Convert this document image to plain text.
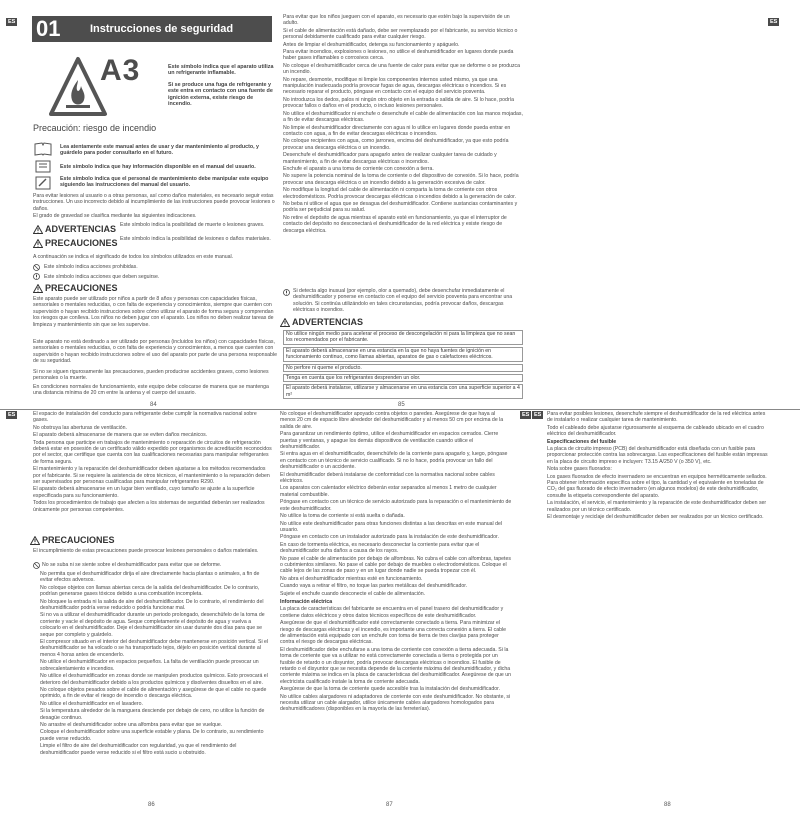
ES	ES
01	Instrucciones de seguridad
A3	Este símbolo indica que el aparato utiliza un refrigerante inflamable.
Si se produce una fuga de refrigerante y este entra en contacto con una fuente de ignición externa, existe riesgo de incendio.
Precaución: riesgo de incendio
Lea atentamente este manual antes de usar y dar mantenimiento al producto, y guárdelo para poder consultarlo en el futuro.
Este símbolo indica que hay información disponible en el manual del usuario.
Este símbolo indica que el personal de mantenimiento debe manipular este equipo siguiendo las instrucciones del manual del usuario.
Para evitar lesiones al usuario o a otras personas, así como daños materiales, es necesario seguir estas instrucciones. Un uso incorrecto debido al incumplimiento de las instrucciones puede provocar lesiones o daños.
El grado de gravedad se clasifica mediante las siguientes indicaciones.
ADVERTENCIAS Este símbolo indica la posibilidad de muerte o lesiones graves.
PRECAUCIONES Este símbolo indica la posibilidad de lesiones o daños materiales.
A continuación se indica el significado de todos los símbolos utilizados en este manual.
Este símbolo indica acciones prohibidas.
Este símbolo indica acciones que deben seguirse.
PRECAUCIONES
Este aparato puede ser utilizado por niños a partir de 8 años y personas con capacidades físicas, sensoriales o mentales reducidas, o con falta de experiencia y conocimientos, siempre que cuenten con supervisión o hayan recibido instrucciones sobre cómo utilizar el aparato de forma segura y comprendan los riesgos que conlleva. Los niños no deben jugar con el aparato. Los niños no deben realizar tareas de limpieza y mantenimiento sin que se les supervise.
Este aparato no está destinado a ser utilizado por personas (incluidos los niños) con capacidades físicas, sensoriales o mentales reducidas, o con falta de experiencia y conocimientos, a menos que cuenten con supervisión o hayan recibido instrucciones sobre el uso del aparato por parte de una persona responsable de su seguridad.
Si no se siguen rigurosamente las precauciones, pueden producirse accidentes graves, como lesiones personales o la muerte.
En condiciones normales de funcionamiento, este equipo debe colocarse de manera que se mantenga una distancia mínima de 20 cm entre la antena y el cuerpo del usuario.
84
Para evitar que los niños jueguen con el aparato, es necesario que estén bajo la supervisión de un adulto.
Si el cable de alimentación está dañado, debe ser reemplazado por el fabricante, su servicio técnico o personal debidamente cualificado para evitar cualquier riesgo.
Antes de limpiar el deshumidificador, detenga su funcionamiento y apáguelo.
Para evitar incendios, explosiones o lesiones, no utilice el deshumidificador en lugares donde pueda haber gases inflamables o corrosivos cerca.
No coloque el deshumidificador cerca de una fuente de calor para evitar que se deforme o se produzca un incendio.
No repare, desmonte, modifique ni limpie los componentes internos usted mismo, ya que una manipulación inadecuada podría provocar fugas de agua, descargas eléctricas o incendios. Si es necesario reparar el producto, póngase en contacto con el equipo del servicio posventa.
No introduzca los dedos, palos ni ningún otro objeto en la entrada o salida de aire. Si lo hace, podría provocar fallos o daños en el producto, o incluso lesiones personales.
No utilice el deshumidificador ni enchufe o desenchufe el cable de alimentación con las manos mojadas, a fin de evitar descargas eléctricas.
No limpie el deshumidificador directamente con agua ni lo utilice en lugares donde pueda entrar en contacto con agua, a fin de evitar descargas eléctricas o incendios.
No coloque recipientes con agua, como jarrones, encima del deshumidificador, ya que esto podría provocar una descarga eléctrica o un incendio.
Desenchufe el deshumidificador para apagarlo antes de realizar cualquier tarea de cuidado y mantenimiento, a fin de evitar descargas eléctricas o incendios.
Enchufe el aparato a una toma de corriente con conexión a tierra.
No supere la potencia nominal de la toma de corriente o del dispositivo de conexión. Si lo hace, podría provocar una descarga eléctrica o un incendio debido a la generación excesiva de calor.
No modifique la longitud del cable de alimentación ni comparta la toma de corriente con otros electrodomésticos. Podría provocar descargas eléctricas o incendios debido a la generación de calor.
No beba ni utilice el agua que se desagua del deshumidificador. Contiene sustancias contaminantes y podría ser perjudicial para su salud.
No retire el depósito de agua mientras el aparato esté en funcionamiento, ya que el interruptor de contacto del depósito no desconectará el deshumidificador de la red eléctrica y existe riesgo de descarga eléctrica.
Si detecta algo inusual (por ejemplo, olor a quemado), debe desenchufar inmediatamente el deshumidificador y ponerse en contacto con el equipo del servicio posventa para encontrar una solución. Si continúa utilizándolo en tales circunstancias, podría provocar daños, descargas eléctricas o incendios.
ADVERTENCIAS
No utilice ningún medio para acelerar el proceso de descongelación ni para la limpieza que no sean los recomendados por el fabricante.
El aparato deberá almacenarse en una estancia en la que no haya fuentes de ignición en funcionamiento continuo, como llamas abiertas, aparatos de gas o calefactores eléctricos.
No perfore ni queme el producto.
Tenga en cuenta que los refrigerantes desprenden un olor.
El aparato deberá instalarse, utilizarse y almacenarse en una estancia con una superficie superior a 4 m²
85
ES	ES ES
El espacio de instalación del conducto para refrigerante debe cumplir la normativa nacional sobre gases.
No obstruya las aberturas de ventilación.
El aparato deberá almacenarse de manera que se eviten daños mecánicos.
Toda persona que participe en trabajos de mantenimiento o reparación de circuitos de refrigeración deberá estar en posesión de un certificado válido expedido por organismos de acreditación reconocidos por el sector, que certifique que cuenta con las cualificaciones necesarias para manipular refrigerantes de forma segura.
El mantenimiento y la reparación del deshumidificador deben ajustarse a los métodos recomendados por el fabricante. Si se requiere la asistencia de otros técnicos, el mantenimiento o la reparación deben ser supervisados por personas cualificadas para manipular refrigerantes R290.
El aparato deberá almacenarse en un lugar bien ventilado, cuyo tamaño se ajuste a la superficie especificada para su funcionamiento.
Todos los procedimientos de trabajo que afecten a los sistemas de seguridad deberán ser realizados únicamente por personas competentes.
PRECAUCIONES
El incumplimiento de estas precauciones puede provocar lesiones personales o daños materiales.
No se suba ni se siente sobre el deshumidificador para evitar que se deforme.
No permita que el deshumidificador dirija el aire directamente hacia plantas o animales, a fin de evitar efectos adversos.
No coloque objetos con llamas abiertas cerca de la salida del deshumidificador. De lo contrario, podrían generarse gases tóxicos debido a una combustión incompleta.
No bloquee la entrada ni la salida de aire del deshumidificador. De lo contrario, el rendimiento del deshumidificador podría verse reducido o podría funcionar mal.
Si no va a utilizar el deshumidificador durante un periodo prolongado, desenchúfelo de la toma de corriente y vacíe el depósito de agua. Seque completamente el depósito de agua y vuelva a colocarlo en el deshumidificador. Deje el deshumidificador sin usar durante dos días para que se seque por completo y guárdelo.
El compresor situado en el interior del deshumidificador debe mantenerse en posición vertical. Si el deshumidificador se ha volcado o se ha transportado tejos, déjelo en posición vertical durante al menos 4 horas antes de encenderlo.
No utilice el deshumidificador en espacios pequeños. La falta de ventilación puede provocar un sobrecalentamiento e incendios.
No utilice el deshumidificador en zonas donde se manipulen productos químicos. Esto provocará el deterioro del deshumidificador debido a los productos químicos y disolventes disueltos en el aire.
No coloque objetos pesados sobre el cable de alimentación y asegúrese de que el cable no quede oprimido, a fin de evitar el riesgo de incendio o descarga eléctrica.
No utilice el deshumidificador en el lavadero.
Si la temperatura alrededor de la manguera desciende por debajo de cero, no utilice la función de desagüe continuo.
No arrastre el deshumidificador sobre una alfombra para evitar que se vuelque.
Coloque el deshumidificador sobre una superficie estable y plana. De lo contrario, su rendimiento puede verse reducido.
Limpie el filtro de aire del deshumidificador con regularidad, ya que el rendimiento del deshumidificador puede verse reducido si el filtro está sucio u obstruido.
86
No coloque el deshumidificador apoyado contra objetos o paredes. Asegúrese de que haya al menos 20 cm de espacio libre alrededor del deshumidificador y al menos 50 cm por encima de la salida de aire.
Para garantizar un rendimiento óptimo, utilice el deshumidificador en espacios cerrados. Cierre puertas y ventanas, y apague los demás dispositivos de ventilación cuando utilice el deshumidificador.
Si entra agua en el deshumidificador, desenchúfelo de la corriente para apagarlo y, luego, póngase en contacto con un técnico de servicio cualificado. Si no lo hace, podría provocar un fallo del deshumidificador o un accidente.
El deshumidificador deberá instalarse de conformidad con la normativa nacional sobre cables eléctricos.
Los aparatos con calentador eléctrico deberán estar separados al menos 1 metro de cualquier material combustible.
Póngase en contacto con un técnico de servicio autorizado para la reparación o el mantenimiento de este deshumidificador.
No utilice la toma de corriente si está suelta o dañada.
No utilice este deshumidificador para otras funciones distintas a las descritas en este manual del usuario.
Póngase en contacto con un instalador autorizado para la instalación de este deshumidificador.
En caso de tormenta eléctrica, es necesario desconectar la corriente para evitar que el deshumidificador sufra daños a causa de los rayos.
No pase el cable de alimentación por debajo de alfombras. No cubra el cable con alfombras, tapetes o cubrimientos similares. No pase el cable por debajo de muebles o electrodomésticos. Coloque el cable lejos de las zonas de paso y en un lugar donde nadie se pueda tropezar con él.
No abra el deshumidificador mientras esté en funcionamiento.
Cuando vaya a retirar el filtro, no toque las partes metálicas del deshumidificador.
Sujete el enchufe cuando desconecte el cable de alimentación.
Información eléctrica
La placa de características del fabricante se encuentra en el panel trasero del deshumidificador y contiene datos eléctricos y otros datos técnicos específicos de este deshumidificador.
Asegúrese de que el deshumidificador esté correctamente conectado a tierra. Para minimizar el riesgo de descargas eléctricas y el incendio, es importante una correcta conexión a tierra. El cable de alimentación está equipado con un enchufe con toma de tierra de tres clavijas para proteger contra el riesgo de descargas eléctricas.
El deshumidificador debe enchufarse a una toma de corriente con conexión a tierra adecuada. Si la toma de corriente que va a utilizar no está correctamente conectada a tierra o protegida por un fusible de retardo o un disyuntor, podría provocar descargas eléctricas o incendios. El fusible de retardo o el disyuntor que se necesita depende de la corriente máxima del deshumidificador, y dicha corriente máxima se indica en la placa de características del deshumidificador. Asegúrese de que un electricista cualificado instale la toma de corriente adecuada.
Asegúrese de que la toma de corriente quede accesible tras la instalación del deshumidificador.
No utilice cables alargadores ni adaptadores de corriente con este deshumidificador. No obstante, si necesita utilizar un cable alargador, utilice únicamente cables alargadores homologados para deshumidificadores (disponibles en la mayoría de las ferreterías).
87
Para evitar posibles lesiones, desenchufe siempre el deshumidificador de la red eléctrica antes de instalarlo o realizar cualquier tarea de mantenimiento.
Todo el cableado debe ajustarse rigurosamente al esquema de cableado ubicado en el cuadro eléctrico del deshumidificador.
Especificaciones del fusible
La placa de circuito impreso (PCB) del deshumidificador está diseñada con un fusible para proporcionar protección contra las sobrecargas. Las especificaciones del fusible están impresas en la placa de circuito impreso e incluyen: T3.15 A/250 V (o 350 V), etc.
Nota sobre gases fluorados:
Los gases fluorados de efecto invernadero se encuentran en equipos herméticamente sellados. Para obtener información específica sobre el tipo, la cantidad y el equivalente en toneladas de CO₂ del gas fluorado de efecto invernadero (en algunos modelos) de este deshumidificador, consulte la etiqueta correspondiente del aparato.
La instalación, el servicio, el mantenimiento y la reparación de este deshumidificador deben ser realizados por un técnico certificado.
El desmontaje y reciclaje del deshumidificador deben ser realizados por un técnico certificado.
88
